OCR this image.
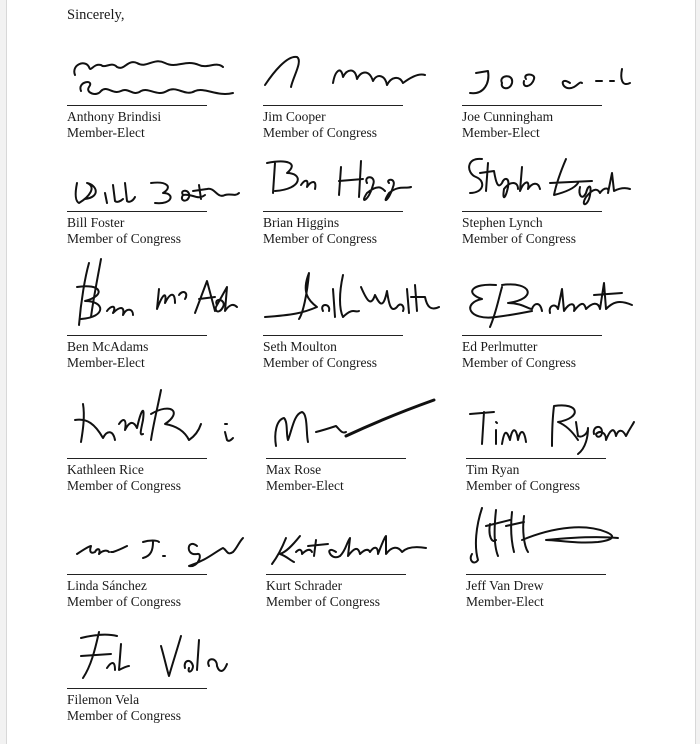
Sincerely,
Anthony Brindisi
Member-Elect
Jim Cooper
Member of Congress
Joe Cunningham
Member-Elect
Bill Foster
Member of Congress
Brian Higgins
Member of Congress
Stephen Lynch
Member of Congress
Ben McAdams
Member-Elect
Seth Moulton
Member of Congress
Ed Perlmutter
Member of Congress
Kathleen Rice
Member of Congress
Max Rose
Member-Elect
Tim Ryan
Member of Congress
Linda Sánchez
Member of Congress
Kurt Schrader
Member of Congress
Jeff Van Drew
Member-Elect
Filemon Vela
Member of Congress
